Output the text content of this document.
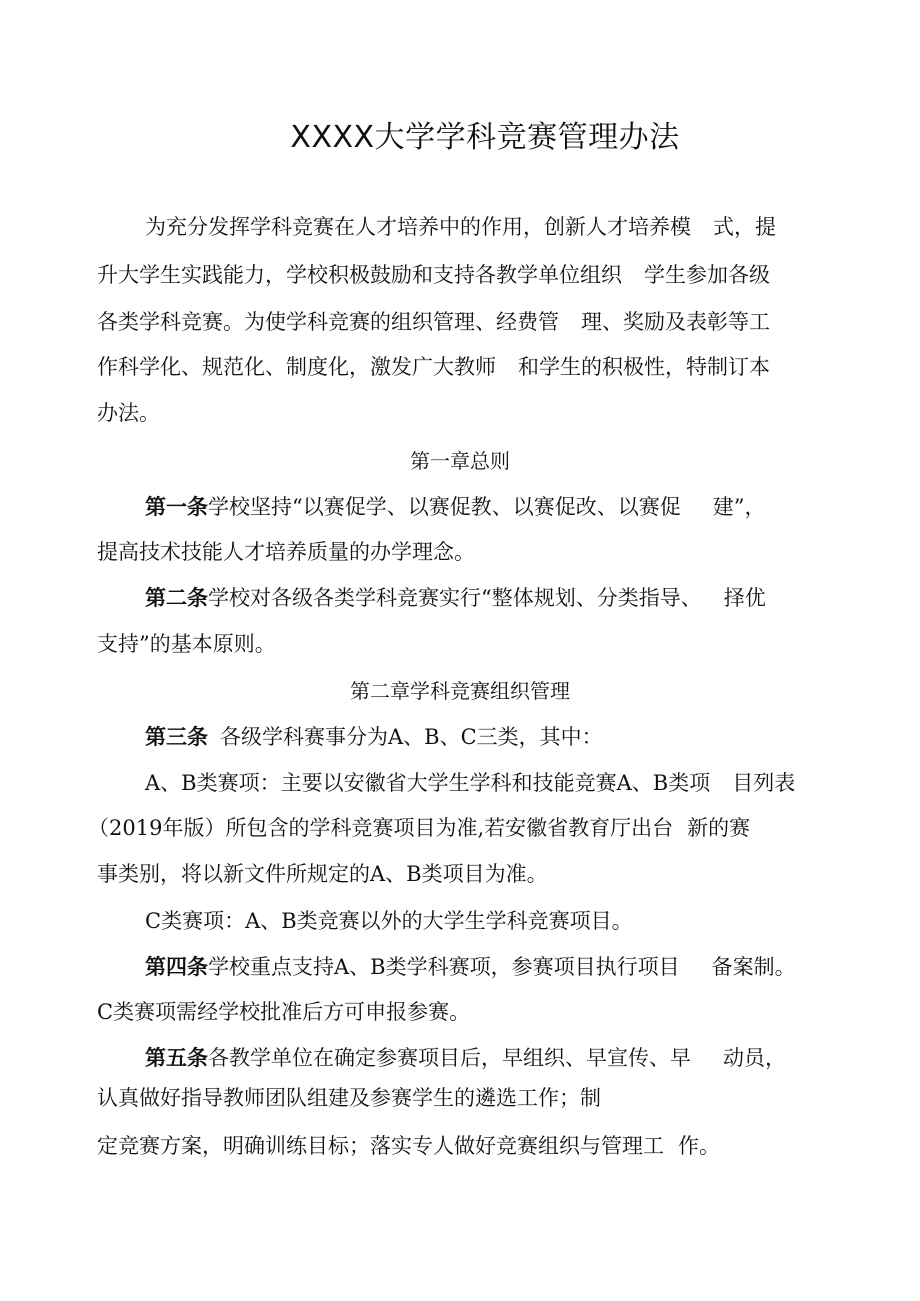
XXXX大学学科竞赛管理办法
为充分发挥学科竞赛在人才培养中的作用，创新人才培养模 式，提
升大学生实践能力，学校积极鼓励和支持各教学单位组织 学生参加各级
各类学科竞赛。为使学科竞赛的组织管理、经费管 理、奖励及表彰等工
作科学化、规范化、制度化，激发广大教师 和学生的积极性，特制订本
办法。
第一章总则
第一条学校坚持“以赛促学、以赛促教、以赛促改、以赛促 建”，
提高技术技能人才培养质量的办学理念。
第二条学校对各级各类学科竞赛实行“整体规划、分类指导、 择优
支持”的基本原则。
第二章学科竞赛组织管理
第三条 各级学科赛事分为A、B、C三类，其中：
A、B类赛项：主要以安徽省大学生学科和技能竞赛A、B类项 目列表
（2019年版）所包含的学科竞赛项目为准,若安徽省教育厅出台 新的赛
事类别，将以新文件所规定的A、B类项目为准。
C类赛项：A、B类竞赛以外的大学生学科竞赛项目。
第四条学校重点支持A、B类学科赛项，参赛项目执行项目 备案制。
C类赛项需经学校批准后方可申报参赛。
第五条各教学单位在确定参赛项目后，早组织、早宣传、早 动员，
认真做好指导教师团队组建及参赛学生的遴选工作；制
定竞赛方案，明确训练目标；落实专人做好竞赛组织与管理工 作。
